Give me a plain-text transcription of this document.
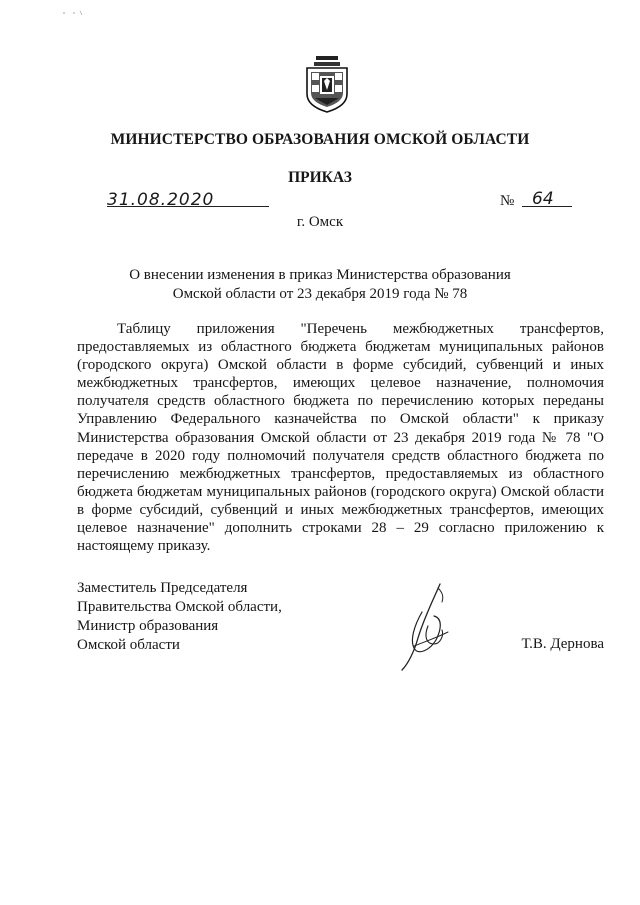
МИНИСТЕРСТВО ОБРАЗОВАНИЯ ОМСКОЙ ОБЛАСТИ
ПРИКАЗ
31.08.2020	№ 64
г. Омск
О внесении изменения в приказ Министерства образования
Омской области от 23 декабря 2019 года № 78

Таблицу приложения "Перечень межбюджетных трансфертов, предоставляемых из областного бюджета бюджетам муниципальных районов (городского округа) Омской области в форме субсидий, субвенций и иных межбюджетных трансфертов, имеющих целевое назначение, полномочия получателя средств областного бюджета по перечислению которых переданы Управлению Федерального казначейства по Омской области" к приказу Министерства образования Омской области от 23 декабря 2019 года № 78 "О передаче в 2020 году полномочий получателя средств областного бюджета по перечислению межбюджетных трансфертов, предоставляемых из областного бюджета бюджетам муниципальных районов (городского округа) Омской области в форме субсидий, субвенций и иных межбюджетных трансфертов, имеющих целевое назначение" дополнить строками 28 – 29 согласно приложению к настоящему приказу.

Заместитель Председателя
Правительства Омской области,
Министр образования
Омской области	Т.В. Дернова
